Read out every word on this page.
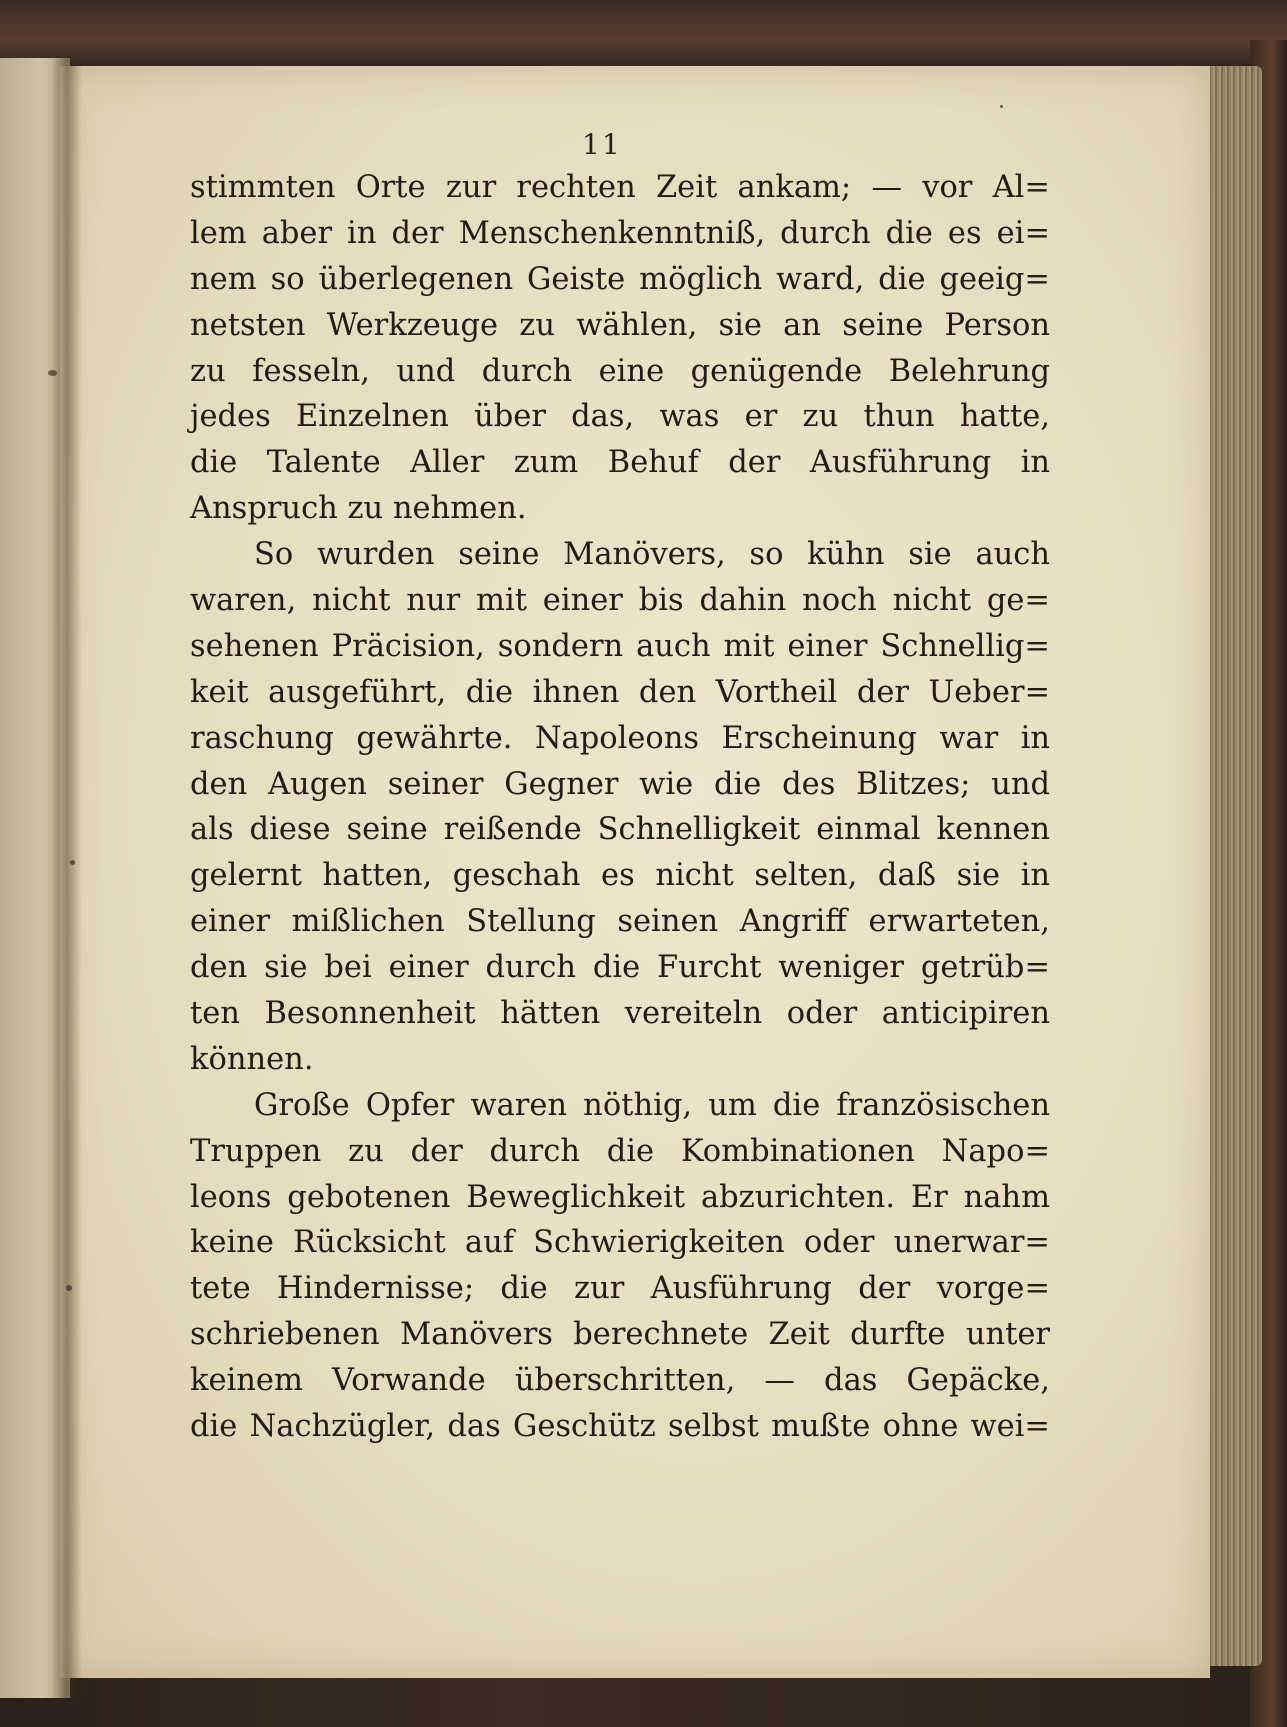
11
stimmten Orte zur rechten Zeit ankam; — vor Al=
lem aber in der Menschenkenntniß, durch die es ei=
nem so überlegenen Geiste möglich ward, die geeig=
netsten Werkzeuge zu wählen, sie an seine Person
zu fesseln, und durch eine genügende Belehrung
jedes Einzelnen über das, was er zu thun hatte,
die Talente Aller zum Behuf der Ausführung in
Anspruch zu nehmen.
So wurden seine Manövers, so kühn sie auch
waren, nicht nur mit einer bis dahin noch nicht ge=
sehenen Präcision, sondern auch mit einer Schnellig=
keit ausgeführt, die ihnen den Vortheil der Ueber=
raschung gewährte. Napoleons Erscheinung war in
den Augen seiner Gegner wie die des Blitzes; und
als diese seine reißende Schnelligkeit einmal kennen
gelernt hatten, geschah es nicht selten, daß sie in
einer mißlichen Stellung seinen Angriff erwarteten,
den sie bei einer durch die Furcht weniger getrüb=
ten Besonnenheit hätten vereiteln oder anticipiren
können.
Große Opfer waren nöthig, um die französischen
Truppen zu der durch die Kombinationen Napo=
leons gebotenen Beweglichkeit abzurichten. Er nahm
keine Rücksicht auf Schwierigkeiten oder unerwar=
tete Hindernisse; die zur Ausführung der vorge=
schriebenen Manövers berechnete Zeit durfte unter
keinem Vorwande überschritten, — das Gepäcke,
die Nachzügler, das Geschütz selbst mußte ohne wei=
